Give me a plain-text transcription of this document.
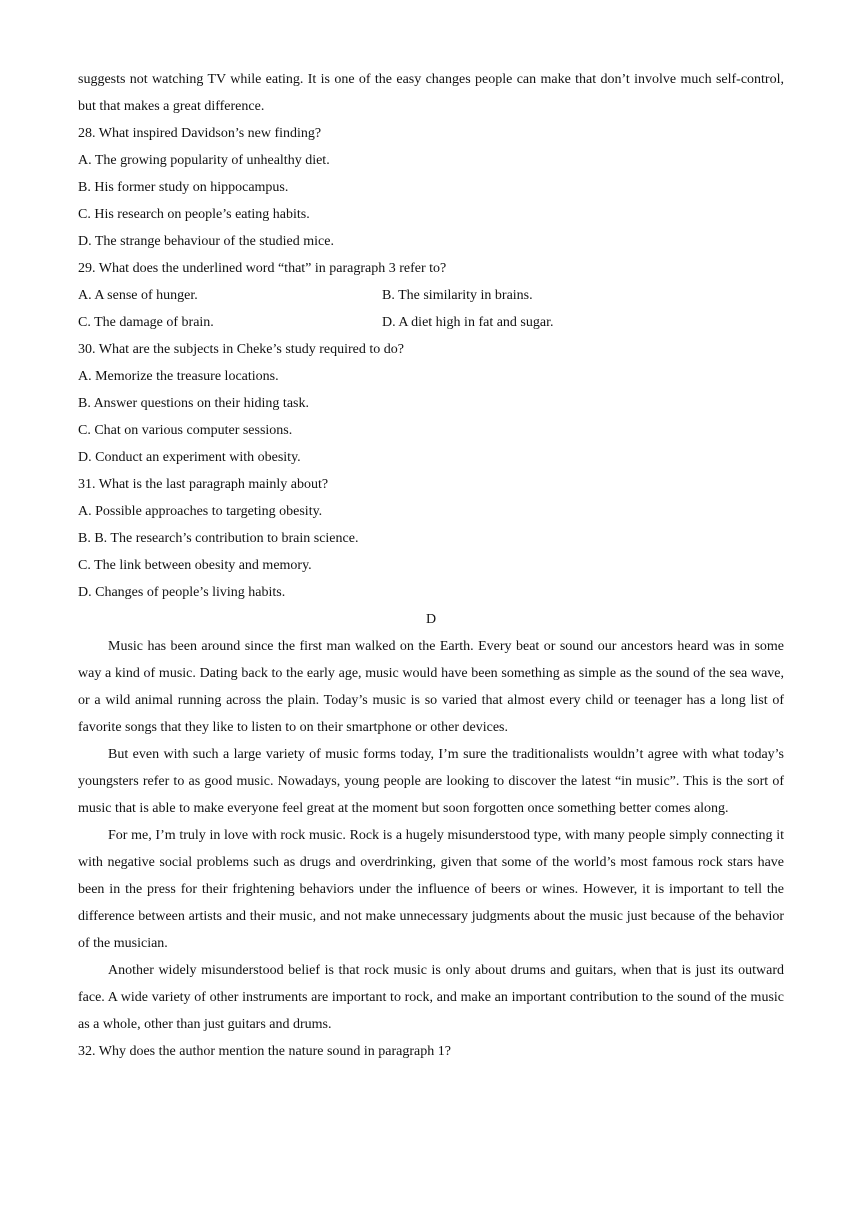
suggests not watching TV while eating. It is one of the easy changes people can make that don’t involve much self-control, but that makes a great difference.

28. What inspired Davidson’s new finding?
A. The growing popularity of unhealthy diet.
B. His former study on hippocampus.
C. His research on people’s eating habits.
D. The strange behaviour of the studied mice.
29. What does the underlined word “that” in paragraph 3 refer to?
A. A sense of hunger.	B. The similarity in brains.
C. The damage of brain.	D. A diet high in fat and sugar.
30. What are the subjects in Cheke’s study required to do?
A. Memorize the treasure locations.
B. Answer questions on their hiding task.
C. Chat on various computer sessions.
D. Conduct an experiment with obesity.
31. What is the last paragraph mainly about?
A. Possible approaches to targeting obesity.
B. B. The research’s contribution to brain science.
C. The link between obesity and memory.
D. Changes of people’s living habits.
D

Music has been around since the first man walked on the Earth. Every beat or sound our ancestors heard was in some way a kind of music. Dating back to the early age, music would have been something as simple as the sound of the sea wave, or a wild animal running across the plain. Today’s music is so varied that almost every child or teenager has a long list of favorite songs that they like to listen to on their smartphone or other devices.

But even with such a large variety of music forms today, I’m sure the traditionalists wouldn’t agree with what today’s youngsters refer to as good music. Nowadays, young people are looking to discover the latest “in music”. This is the sort of music that is able to make everyone feel great at the moment but soon forgotten once something better comes along.

For me, I’m truly in love with rock music. Rock is a hugely misunderstood type, with many people simply connecting it with negative social problems such as drugs and overdrinking, given that some of the world’s most famous rock stars have been in the press for their frightening behaviors under the influence of beers or wines. However, it is important to tell the difference between artists and their music, and not make unnecessary judgments about the music just because of the behavior of the musician.

Another widely misunderstood belief is that rock music is only about drums and guitars, when that is just its outward face. A wide variety of other instruments are important to rock, and make an important contribution to the sound of the music as a whole, other than just guitars and drums.

32. Why does the author mention the nature sound in paragraph 1?
